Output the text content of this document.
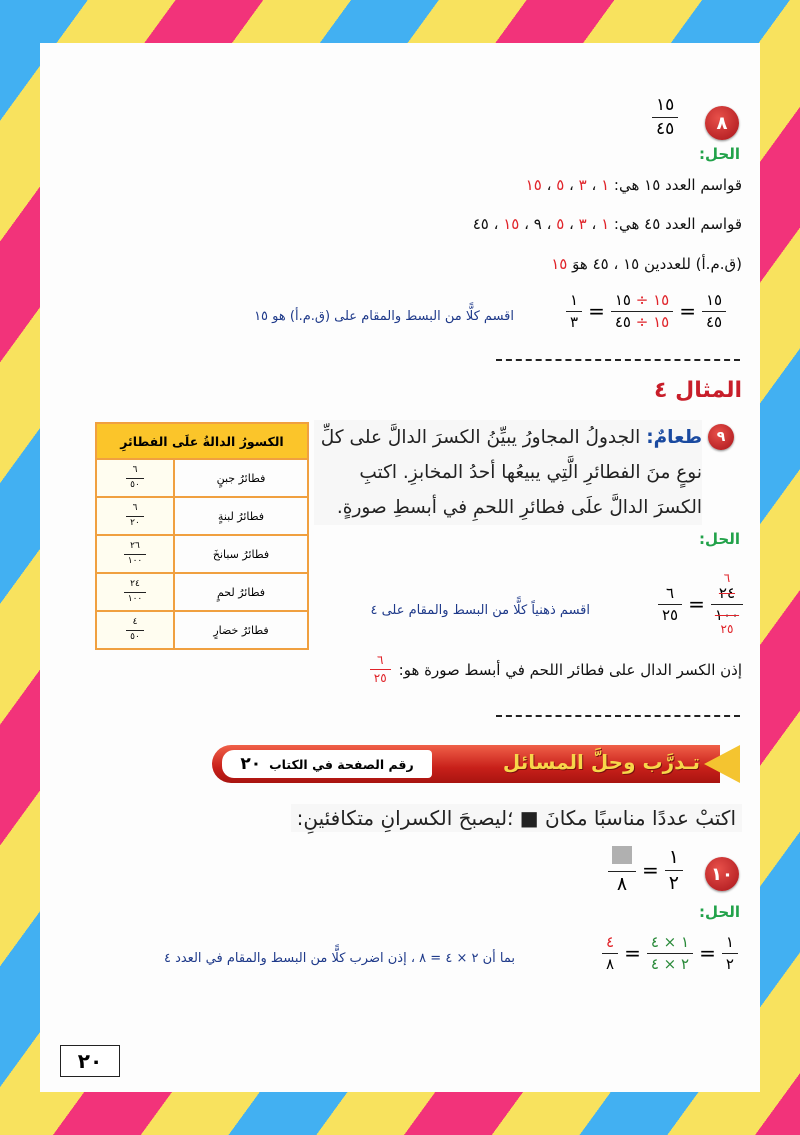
٨
١٥
٤٥
الحل:
قواسم العدد ١٥ هي: ١ ، ٣ ، ٥ ، ١٥
قواسم العدد ٤٥ هي: ١ ، ٣ ، ٥ ، ٩ ، ١٥ ، ٤٥
(ق.م.أ) للعددين ١٥ ، ٤٥ هوَ ١٥
$\frac{١}{٣} = \frac{١٥ \div ١٥}{١٥ \div ٤٥} = \frac{١٥}{٤٥}$
اقسم كلًّا من البسط والمقام على (ق.م.أ) هو ١٥
المثال ٤
الكسورُ الدالةُ علَى الفطائرِ	

$\frac{٦}{٥٠}$	فطائرُ جبنٍ

$\frac{٦}{٢٠}$	فطائرُ لبنةٍ

$\frac{٢٦}{١٠٠}$	فطائرُ سبانخَ

$\frac{٢٤}{١٠٠}$	فطائرُ لحمٍ

$\frac{٤}{٥٠}$	فطائرُ خضارٍ
٩
طعامٌ: الجدولُ المجاورُ يبيِّنُ الكسرَ الدالَّ على كلِّ نوعٍ منَ الفطائرِ الَّتِي يبيعُها أحدُ المخابزِ. اكتبِ الكسرَ الدالَّ علَى فطائرِ اللحمِ في أبسطِ صورةٍ.
الحل:
$\frac{٦}{٢٥}$ =
٦
٢٤
١٠٠
٢٥
اقسم ذهنياً كلًّا من البسط والمقام على ٤
إذن الكسر الدال على فطائر اللحم في أبسط صورة هو:
$\frac{٦}{٢٥}$
تـدرَّب وحلَّ المسائل
رقم الصفحة في الكتاب
٢٠
اكتبْ عددًا مناسبًا مكانَ ■ ؛ليصبحَ الكسرانِ متكافئينِ:
١٠
٨
= $\frac{١}{٢}$
الحل:
$\frac{٤}{٨} = \frac{١ \times ٤}{٢ \times ٤} = \frac{١}{٢}$
بما أن ٢ × ٤ = ٨ ، إذن اضرب كلًّا من البسط والمقام في العدد ٤
٢٠
